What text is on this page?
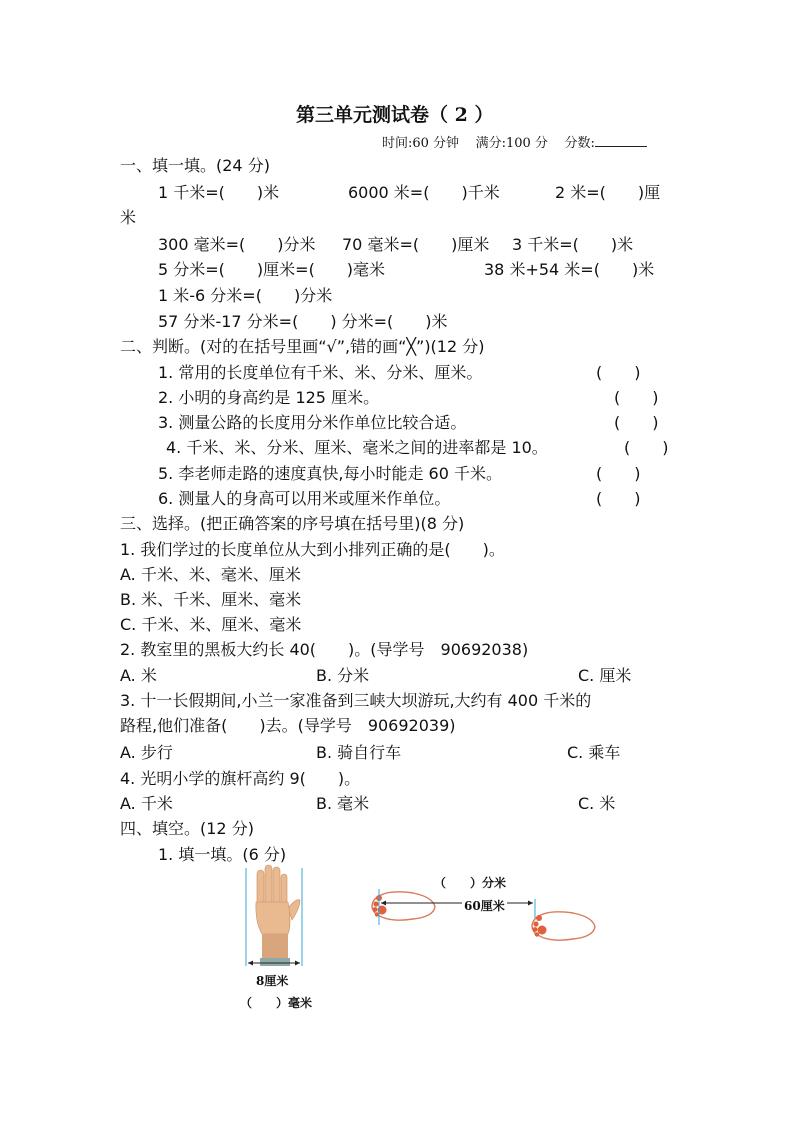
第三单元测试卷（ 2 ）
时间:60 分钟 满分:100 分 分数:
一、填一填。(24 分)
1 千米=(　　)米	6000 米=(　　)千米	2 米=(　　)厘
米
300 毫米=(　　)分米 70 毫米=(　　)厘米 3 千米=(　　)米
5 分米=(　　)厘米=(　　)毫米	38 米+54 米=(　　)米
1 米-6 分米=(　　)分米
57 分米-17 分米=(　　) 分米=(　　)米
二、判断。(对的在括号里画“√”,错的画“╳”)(12 分)
1. 常用的长度单位有千米、米、分米、厘米。	(　　)
2. 小明的身高约是 125 厘米。	(　　)
3. 测量公路的长度用分米作单位比较合适。	(　　)
4. 千米、米、分米、厘米、毫米之间的进率都是 10。	(　　)
5. 李老师走路的速度真快,每小时能走 60 千米。	(　　)
6. 测量人的身高可以用米或厘米作单位。	(　　)
三、选择。(把正确答案的序号填在括号里)(8 分)
1. 我们学过的长度单位从大到小排列正确的是(　　)。
A. 千米、米、毫米、厘米
B. 米、千米、厘米、毫米
C. 千米、米、厘米、毫米
2. 教室里的黑板大约长 40(　　)。(导学号　90692038)
A. 米	B. 分米	C. 厘米
3. 十一长假期间,小兰一家准备到三峡大坝游玩,大约有 400 千米的
路程,他们准备(　　)去。(导学号　90692039)
A. 步行	B. 骑自行车	C. 乘车
4. 光明小学的旗杆高约 9(　　)。
A. 千米	B. 毫米	C. 米
四、填空。(12 分)
1. 填一填。(6 分)
8厘米
（　　）毫米
（　　）分米
60厘米
